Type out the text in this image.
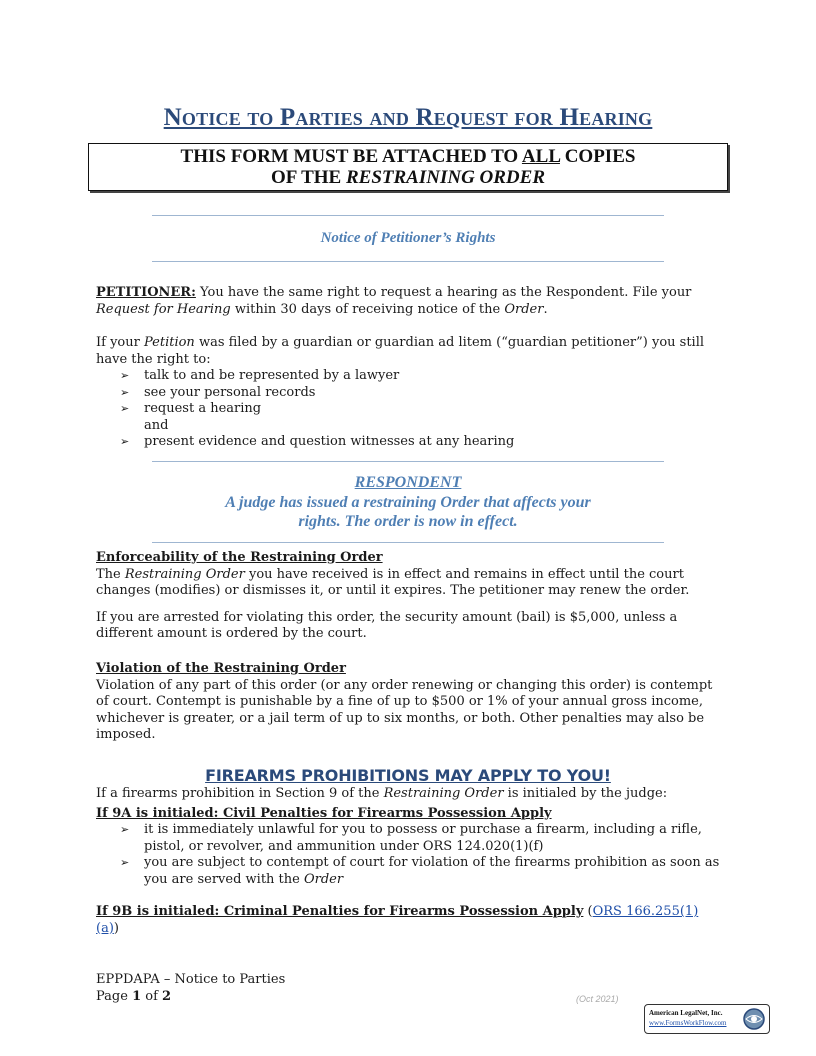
Notice to Parties and Request for Hearing
THIS FORM MUST BE ATTACHED TO ALL COPIES
OF THE RESTRAINING ORDER
Notice of Petitioner’s Rights
PETITIONER: You have the same right to request a hearing as the Respondent. File your Request for Hearing within 30 days of receiving notice of the Order.
If your Petition was filed by a guardian or guardian ad litem (“guardian petitioner”) you still have the right to:
➢ talk to and be represented by a lawyer
➢ see your personal records
➢ request a hearing
and
➢ present evidence and question witnesses at any hearing
RESPONDENT
A judge has issued a restraining Order that affects your
rights. The order is now in effect.
Enforceability of the Restraining Order
The Restraining Order you have received is in effect and remains in effect until the court changes (modifies) or dismisses it, or until it expires. The petitioner may renew the order.
If you are arrested for violating this order, the security amount (bail) is $5,000, unless a different amount is ordered by the court.
Violation of the Restraining Order
Violation of any part of this order (or any order renewing or changing this order) is contempt of court. Contempt is punishable by a fine of up to $500 or 1% of your annual gross income, whichever is greater, or a jail term of up to six months, or both. Other penalties may also be imposed.
FIREARMS PROHIBITIONS MAY APPLY TO YOU!
If a firearms prohibition in Section 9 of the Restraining Order is initialed by the judge:
If 9A is initialed: Civil Penalties for Firearms Possession Apply
➢ it is immediately unlawful for you to possess or purchase a firearm, including a rifle, pistol, or revolver, and ammunition under ORS 124.020(1)(f)
➢ you are subject to contempt of court for violation of the firearms prohibition as soon as you are served with the Order
If 9B is initialed: Criminal Penalties for Firearms Possession Apply (ORS 166.255(1)(a))
EPPDAPA – Notice to Parties
Page 1 of 2	(Oct 2021)
American LegalNet, Inc.
www.FormsWorkFlow.com
